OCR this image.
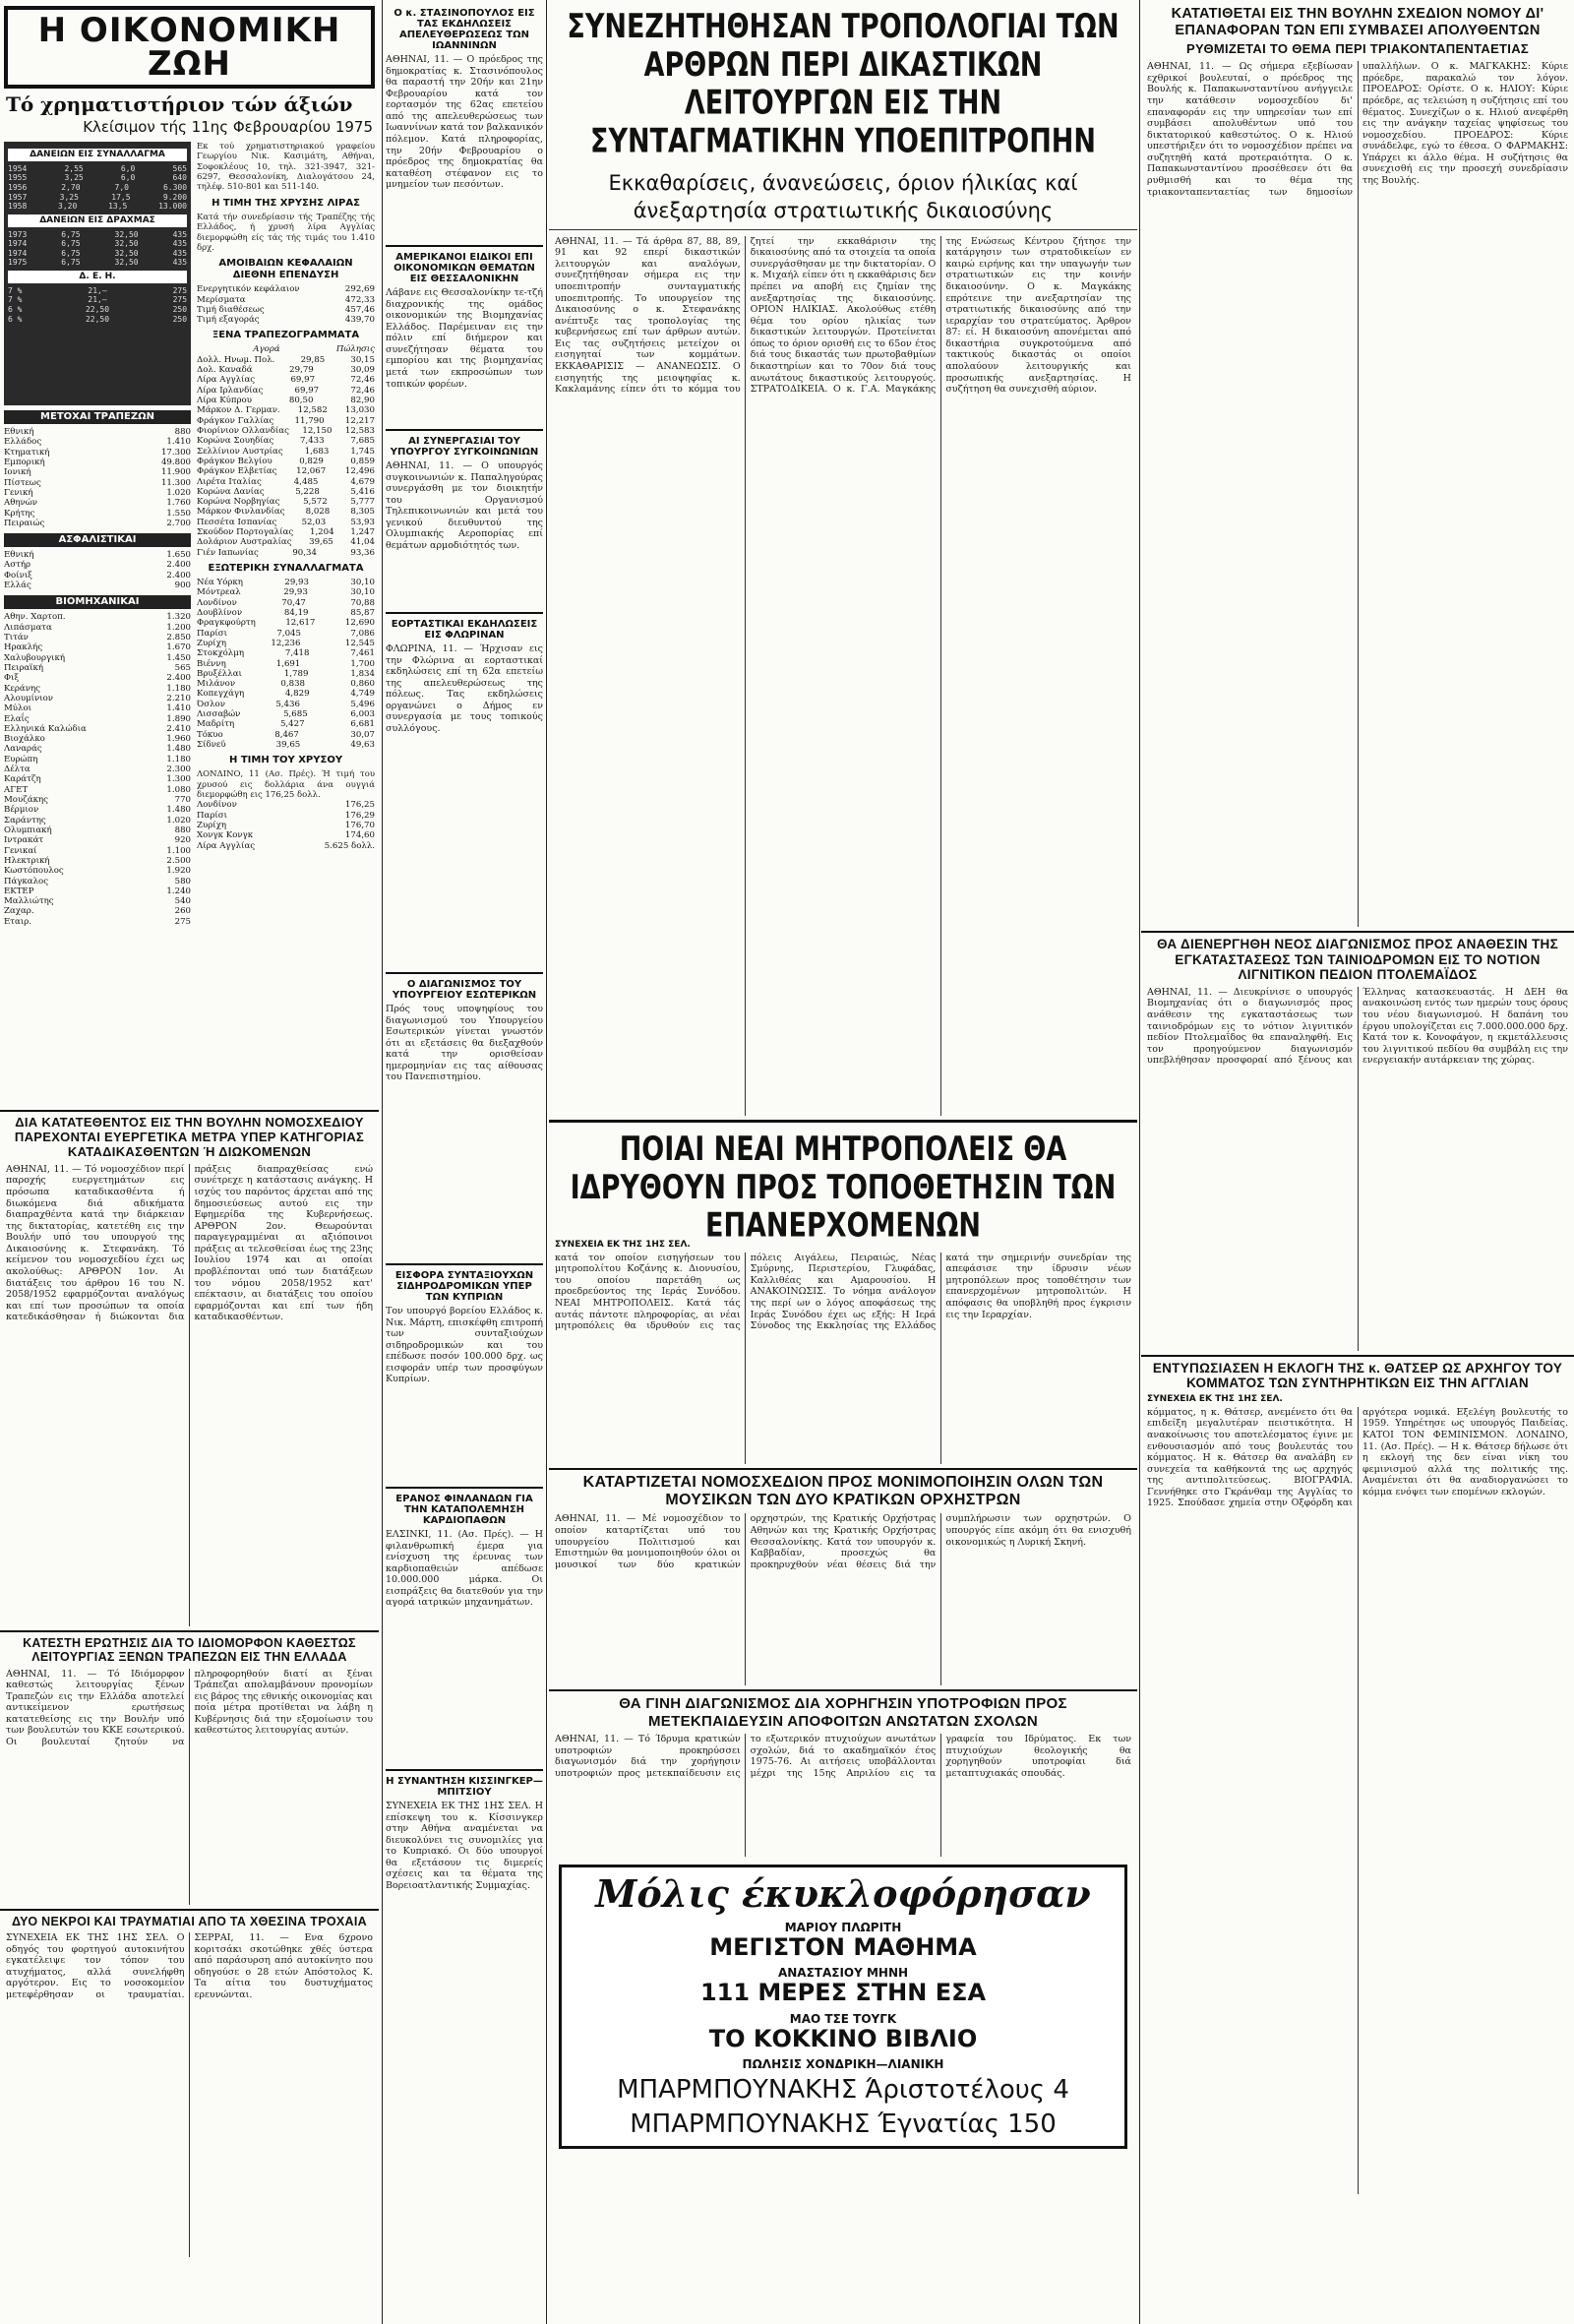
Η ΟΙΚΟΝΟΜΙΚΗ ΖΩΗ
Τό χρηματιστήριον τών άξιών
Κλείσιμον τής 11ης Φεβρουαρίου 1975
ΔΑΝΕΙΩΝ ΕΙΣ ΣΥΝΑΛΛΑΓΜΑ
1954	2,55	6,0	565
1955	3,25	6,0	640
1956	2,70	7,0	6.300
1957	3,25	17,5	9.200
1958	3,20	13,5	13.000
ΔΑΝΕΙΩΝ ΕΙΣ ΔΡΑΧΜΑΣ
1973	6,75	32,50	435
1974	6,75	32,50	435
1974	6,75	32,50	435
1975	6,75	32,50	435
Δ. Ε. Η.
7 %	21,—	275
7 %	21,—	275
6 %	22,50	250
6 %	22,50	250
ΜΕΤΟΧΑΙ ΤΡΑΠΕΖΩΝ
Εθνική	880
Ελλάδος	1.410
Κτηματική	17.300
Εμπορική	49.800
Ιονική	11.900
Πίστεως	11.300
Γενική	1.020
Αθηνών	1.760
Κρήτης	1.550
Πειραιώς	2.700
ΑΣΦΑΛΙΣΤΙΚΑΙ
Εθνική	1.650
Αστήρ	2.400
Φοίνιξ	2.400
Ελλάς	900
ΒΙΟΜΗΧΑΝΙΚΑΙ
Αθην. Χαρτοπ.	1.320
Λιπάσματα	1.200
Τιτάν	2.850
Ηρακλής	1.670
Χαλυβουργική	1.450
Πειραϊκή	565
Φιξ	2.400
Κεράνης	1.180
Αλουμίνιον	2.210
Μύλοι	1.410
Ελαΐς	1.890
Ελληνικά Καλώδια	2.410
Βιοχάλκο	1.960
Λαναράς	1.480
Ευρώπη	1.180
Δέλτα	2.300
Καράτζη	1.300
ΑΓΕΤ	1.080
Μουζάκης	770
Βέρμιον	1.480
Σαράντης	1.020
Ολυμπιακή	880
Ιντρακάτ	920
Γενικαί	1.100
Ηλεκτρική	2.500
Κωστόπουλος	1.920
Πάγκαλος	580
ΕΚΤΕΡ	1.240
Μαλλιώτης	540
Ζαχαρ.	260
Εταιρ.	275
Εκ τού χρηματιστηριακού γραφείου Γεωργίου Νικ. Κασιμάτη, Αθήναι, Σοφοκλέους 10, τηλ. 321-3947, 321-6297, Θεσσαλονίκη, Διαλογάτσου 24, τηλέφ. 510-801 και 511-140.
Η ΤΙΜΗ ΤΗΣ ΧΡΥΣΗΣ ΛΙΡΑΣ
Κατά τήν συνεδρίασιν τής Τραπέζης τής Ελλάδος, ή χρυσή λίρα Αγγλίας διεμορφώθη είς τάς τής τιμάς του 1.410 δρχ.
ΑΜΟΙΒΑΙΩΝ ΚΕΦΑΛΑΙΩΝ ΔΙΕΘΝΗ ΕΠΕΝΔΥΣΗ
Ενεργητικόν κεφάλαιον	292,69
Μερίσματα	472,33
Τιμή διαθέσεως	457,46
Τιμή εξαγοράς	439,70
ΞΕΝΑ ΤΡΑΠΕΖΟΓΡΑΜΜΑΤΑ
Αγορά	Πώλησις
Δολλ. Ηνωμ. Πολ.	29,85	30,15
Δολ. Καναδά	29,79	30,09
Λίρα Αγγλίας	69,97	72,46
Λίρα Ιρλανδίας	69,97	72,46
Λίρα Κύπρου	80,50	82,90
Μάρκον Δ. Γερμαν. 12,582 13,030
Φράγκον Γαλλίας 11,790 12,217
Φιορίνιον Ολλανδίας 12,150 12,583
Κορώνα Σουηδίας	7,433	7,685
Σελλίνιον Αυστρίας	1,683	1,745
Φράγκον Βελγίου	0,829	0,859
Φράγκον Ελβετίας 12,067 12,496
Λιρέτα Ιταλίας	4,485	4,679
Κορώνα Δανίας	5,228	5,416
Κορώνα Νορβηγίας	5,572	5,777
Μάρκον Φινλανδίας 8,028 8,305
Πεσσέτα Ισπανίας	52,03	53,93
Σκούδον Πορτογαλίας 1,204 1,247
Δολάριον Αυστραλίας 39,65 41,04
Γιέν Ιαπωνίας	90,34	93,36
ΕΞΩΤΕΡΙΚΗ ΣΥΝΑΛΛΑΓΜΑΤΑ
Νέα Υόρκη	29,93	30,10
Μόντρεαλ	29,93	30,10
Λονδίνον	70,47	70,88
Δουβλίνον	84,19	85,87
Φραγκφούρτη	12,617	12,690
Παρίσι	7,045	7,086
Ζυρίχη	12,236	12,545
Στοκχόλμη	7,418	7,461
Βιέννη	1,691	1,700
Βρυξέλλαι	1,789	1,834
Μιλάνον	0,838	0,860
Κοπεγχάγη	4,829	4,749
Όσλον	5,436	5,496
Λισσαβών	5,685	6,003
Μαδρίτη	5,427	6,681
Τόκυο	8,467	30,07
Σίδνεϋ	39,65	49,63
Η ΤΙΜΗ ΤΟΥ ΧΡΥΣΟΥ
ΛΟΝΔΙΝΟ, 11 (Ασ. Πρές). Ή τιμή του χρυσού εις δολλάρια άνα ουγγιά διεμορφώθη εις 176,25 δολλ.
Λονδίνον	176,25
Παρίσι	176,29
Ζυρίχη	176,70
Χονγκ Κονγκ	174,60
Λίρα Αγγλίας	5.625 δολλ.
ΔΙΑ ΚΑΤΑΤΕΘΕΝΤΟΣ ΕΙΣ ΤΗΝ ΒΟΥΛΗΝ ΝΟΜΟΣΧΕΔΙΟΥ ΠΑΡΕΧΟΝΤΑΙ ΕΥΕΡΓΕΤΙΚΑ ΜΕΤΡΑ ΥΠΕΡ ΚΑΤΗΓΟΡΙΑΣ ΚΑΤΑΔΙΚΑΣΘΕΝΤΩΝ Ή ΔΙΩΚΟΜΕΝΩΝ
ΑΘΗΝΑΙ, 11. — Τό νομοσχέδιον περί παροχής ευεργετημάτων εις πρόσωπα καταδικασθέντα ή διωκόμενα διά αδικήματα διαπραχθέντα κατά την διάρκειαν της δικτατορίας, κατετέθη εις την Βουλήν υπό του υπουργού της Δικαιοσύνης κ. Στεφανάκη. Τό κείμενον του νομοσχεδίου έχει ως ακολούθως: ΑΡΘΡΟΝ 1ον. Αι διατάξεις του άρθρου 16 του Ν. 2058/1952 εφαρμόζονται αναλόγως και επί των προσώπων τα οποία κατεδικάσθησαν ή διώκονται δια πράξεις διαπραχθείσας ενώ συνέτρεχε η κατάστασις ανάγκης. Η ισχύς του παρόντος άρχεται από της δημοσιεύσεως αυτού εις την Εφημερίδα της Κυβερνήσεως. ΑΡΘΡΟΝ 2ον. Θεωρούνται παραγεγραμμέναι αι αξιόποινοι πράξεις αι τελεσθείσαι έως της 23ης Ιουλίου 1974 και αι οποίαι προβλέπονται υπό των διατάξεων του νόμου 2058/1952 κατ' επέκτασιν, αι διατάξεις του οποίου εφαρμόζονται και επί των ήδη καταδικασθέντων.
ΚΑΤΕΣΤΗ ΕΡΩΤΗΣΙΣ ΔΙΑ ΤΟ ΙΔΙΟΜΟΡΦΟΝ ΚΑΘΕΣΤΩΣ ΛΕΙΤΟΥΡΓΙΑΣ ΞΕΝΩΝ ΤΡΑΠΕΖΩΝ ΕΙΣ ΤΗΝ ΕΛΛΑΔΑ
ΑΘΗΝΑΙ, 11. — Τό Ιδιόμορφον καθεστώς λειτουργίας ξένων Τραπεζών εις την Ελλάδα αποτελεί αντικείμενον ερωτήσεως κατατεθείσης εις την Βουλήν υπό των βουλευτών του ΚΚΕ εσωτερικού. Οι βουλευταί ζητούν να πληροφορηθούν διατί αι ξέναι Τράπεζαι απολαμβάνουν προνομίων εις βάρος της εθνικής οικονομίας και ποία μέτρα προτίθεται να λάβη η Κυβέρνησις διά την εξομοίωσιν του καθεστώτος λειτουργίας αυτών.
ΔΥΟ ΝΕΚΡΟΙ ΚΑΙ ΤΡΑΥΜΑΤΙΑΙ ΑΠΟ ΤΑ ΧΘΕΣΙΝΑ ΤΡΟΧΑΙΑ
ΣΥΝΕΧΕΙΑ ΕΚ ΤΗΣ 1ΗΣ ΣΕΛ. Ο οδηγός του φορτηγού αυτοκινήτου εγκατέλειψε τον τόπον του ατυχήματος, αλλά συνελήφθη αργότερον. Εις το νοσοκομείον μετεφέρθησαν οι τραυματίαι. ΣΕΡΡΑΙ, 11. — Ενα 6χρονο κοριτσάκι σκοτώθηκε χθές ύστερα από παράσυρση από αυτοκίνητο που οδηγούσε ο 28 ετών Απόστολος Κ. Τα αίτια του δυστυχήματος ερευνώνται.
Ο κ. ΣΤΑΣΙΝΟΠΟΥΛΟΣ ΕΙΣ ΤΑΣ ΕΚΔΗΛΩΣΕΙΣ ΑΠΕΛΕΥΘΕΡΩΣΕΩΣ ΤΩΝ ΙΩΑΝΝΙΝΩΝ
ΑΘΗΝΑΙ, 11. — Ο πρόεδρος της δημοκρατίας κ. Στασινόπουλος θα παραστή την 20ήν και 21ην Φεβρουαρίου κατά τον εορτασμόν της 62ας επετείου από της απελευθερώσεως των Ιωαννίνων κατά τον βαλκανικόν πόλεμον. Κατά πληροφορίας, την 20ήν Φεβρουαρίου ο πρόεδρος της δημοκρατίας θα καταθέση στέφανον εις το μνημείον των πεσόντων.
ΑΜΕΡΙΚΑΝΟΙ ΕΙΔΙΚΟΙ ΕΠΙ ΟΙΚΟΝΟΜΙΚΩΝ ΘΕΜΑΤΩΝ ΕΙΣ ΘΕΣΣΑΛΟΝΙΚΗΝ
Λάβανε εις Θεσσαλονίκην τε-τζή διαχρονικής της ομάδος οικονομικών της Βιομηχανίας Ελλάδος. Παρέμειναν εις την πόλιν επί διήμερον και συνεζήτησαν θέματα του εμπορίου και της βιομηχανίας μετά των εκπροσώπων των τοπικών φορέων.
ΑΙ ΣΥΝΕΡΓΑΣΙΑΙ ΤΟΥ ΥΠΟΥΡΓΟΥ ΣΥΓΚΟΙΝΩΝΙΩΝ
ΑΘΗΝΑΙ, 11. — Ο υπουργός συγκοινωνιών κ. Παπαληγούρας συνεργάσθη με τον διοικητήν του Οργανισμού Τηλεπικοινωνιών και μετά του γενικού διευθυντού της Ολυμπιακής Αεροπορίας επί θεμάτων αρμοδιότητός των.
ΕΟΡΤΑΣΤΙΚΑΙ ΕΚΔΗΛΩΣΕΙΣ ΕΙΣ ΦΛΩΡΙΝΑΝ
ΦΛΩΡΙΝΑ, 11. — Ήρχισαν εις την Φλώρινα αι εορταστικαί εκδηλώσεις επί τη 62α επετείω της απελευθερώσεως της πόλεως. Τας εκδηλώσεις οργανώνει ο Δήμος εν συνεργασία με τους τοπικούς συλλόγους.
Ο ΔΙΑΓΩΝΙΣΜΟΣ ΤΟΥ ΥΠΟΥΡΓΕΙΟΥ ΕΣΩΤΕΡΙΚΩΝ
Πρός τους υποψηφίους του διαγωνισμού του Υπουργείου Εσωτερικών γίνεται γνωστόν ότι αι εξετάσεις θα διεξαχθούν κατά την ορισθείσαν ημερομηνίαν εις τας αίθουσας του Πανεπιστημίου.
ΕΙΣΦΟΡΑ ΣΥΝΤΑΞΙΟΥΧΩΝ ΣΙΔΗΡΟΔΡΟΜΙΚΩΝ ΥΠΕΡ ΤΩΝ ΚΥΠΡΙΩΝ
Τον υπουργό βορείου Ελλάδος κ. Νικ. Μάρτη, επισκέφθη επιτροπή των συνταξιούχων σιδηροδρομικών και του επέδωσε ποσόν 100.000 δρχ. ως εισφοράν υπέρ των προσφύγων Κυπρίων.
ΕΡΑΝΟΣ ΦΙΝΛΑΝΔΩΝ ΓΙΑ ΤΗΝ ΚΑΤΑΠΟΛΕΜΗΣΗ ΚΑΡΔΙΟΠΑΘΩΝ
ΕΛΣΙΝΚΙ, 11. (Ασ. Πρές). — Η φιλανθρωπική έμερα για ενίσχυση της έρευνας των καρδιοπαθειών απέδωσε 10.000.000 μάρκα. Οι εισπράξεις θα διατεθούν για την αγορά ιατρικών μηχανημάτων.
Η ΣΥΝΑΝΤΗΣΗ ΚΙΣΣΙΝΓΚΕΡ—ΜΠΙΤΣΙΟΥ
ΣΥΝΕΧΕΙΑ ΕΚ ΤΗΣ 1ΗΣ ΣΕΛ. Η επίσκεψη του κ. Κίσσινγκερ στην Αθήνα αναμένεται να διευκολύνει τις συνομιλίες για το Κυπριακό. Οι δύο υπουργοί θα εξετάσουν τις διμερείς σχέσεις και τα θέματα της Βορειοατλαντικής Συμμαχίας.
ΣΥΝΕΖΗΤΗΘΗΣΑΝ ΤΡΟΠΟΛΟΓΙΑΙ ΤΩΝ ΑΡΘΡΩΝ ΠΕΡΙ ΔΙΚΑΣΤΙΚΩΝ ΛΕΙΤΟΥΡΓΩΝ ΕΙΣ ΤΗΝ ΣΥΝΤΑΓΜΑΤΙΚΗΝ ΥΠΟΕΠΙΤΡΟΠΗΝ
Εκκαθαρίσεις, άνανεώσεις, όριον ήλικίας καί άνεξαρτησία στρατιωτικής δικαιοσύνης
ΑΘΗΝΑΙ, 11. — Τά άρθρα 87, 88, 89, 91 και 92 επερί δικαστικών λειτουργών και αναλόγων, συνεζητήθησαν σήμερα εις την υποεπιτροπήν συνταγματικής υποεπιτροπής. Το υπουργείον της Δικαιοσύνης ο κ. Στεφανάκης ανέπτυξε τας τροπολογίας της κυβερνήσεως επί των άρθρων αυτών. Εις τας συζητήσεις μετείχον οι εισηγηταί των κομμάτων. ΕΚΚΑΘΑΡΙΣΙΣ — ΑΝΑΝΕΩΣΙΣ. Ο εισηγητής της μειοψηφίας κ. Κακλαμάνης είπεν ότι το κόμμα του ζητεί την εκκαθάρισιν της δικαιοσύνης από τα στοιχεία τα οποία συνεργάσθησαν με την δικτατορίαν. Ο κ. Μιχαήλ είπεν ότι η εκκαθάρισις δεν πρέπει να αποβή εις ζημίαν της ανεξαρτησίας της δικαιοσύνης. ΟΡΙΟΝ ΗΛΙΚΙΑΣ. Ακολούθως ετέθη θέμα του ορίου ηλικίας των δικαστικών λειτουργών. Προτείνεται όπως το όριον ορισθή εις το 65ον έτος διά τους δικαστάς των πρωτοβαθμίων δικαστηρίων και το 70ον διά τους ανωτάτους δικαστικούς λειτουργούς. ΣΤΡΑΤΟΔΙΚΕΙΑ. Ο κ. Γ.Α. Μαγκάκης της Ενώσεως Κέντρου ζήτησε την κατάργησιν των στρατοδικείων εν καιρώ ειρήνης και την υπαγωγήν των στρατιωτικών εις την κοινήν δικαιοσύνην. Ο κ. Μαγκάκης επρότεινε την ανεξαρτησίαν της στρατιωτικής δικαιοσύνης από την ιεραρχίαν του στρατεύματος. Άρθρον 87: εί. Η δικαιοσύνη απονέμεται από δικαστήρια συγκροτούμενα από τακτικούς δικαστάς οι οποίοι απολαύουν λειτουργικής και προσωπικής ανεξαρτησίας. Η συζήτηση θα συνεχισθή αύριον.
ΠΟΙΑΙ ΝΕΑΙ ΜΗΤΡΟΠΟΛΕΙΣ ΘΑ ΙΔΡΥΘΟΥΝ ΠΡΟΣ ΤΟΠΟΘΕΤΗΣΙΝ ΤΩΝ ΕΠΑΝΕΡΧΟΜΕΝΩΝ
ΣΥΝΕΧΕΙΑ ΕΚ ΤΗΣ 1ΗΣ ΣΕΛ.
κατά τον οποίον εισηγήσεων του μητροπολίτου Κοζάνης κ. Διονυσίου, του οποίου παρετάθη ως προεδρεύοντος της Ιεράς Συνόδου. ΝΕΑΙ ΜΗΤΡΟΠΟΛΕΙΣ. Κατά τάς αυτάς πάντοτε πληροφορίας, αι νέαι μητροπόλεις θα ιδρυθούν εις τας πόλεις Αιγάλεω, Πειραιώς, Νέας Σμύρνης, Περιστερίου, Γλυφάδας, Καλλιθέας και Αμαρουσίου. Η ΑΝΑΚΟΙΝΩΣΙΣ. Το νόημα ανάλογον της περί ων ο λόγος αποφάσεως της Ιεράς Συνόδου έχει ως εξής: Η Ιερά Σύνοδος της Εκκλησίας της Ελλάδος κατά την σημερινήν συνεδρίαν της απεφάσισε την ίδρυσιν νέων μητροπόλεων προς τοποθέτησιν των επανερχομένων μητροπολιτών. Η απόφασις θα υποβληθή προς έγκρισιν εις την Ιεραρχίαν.
ΚΑΤΑΡΤΙΖΕΤΑΙ ΝΟΜΟΣΧΕΔΙΟΝ ΠΡΟΣ ΜΟΝΙΜΟΠΟΙΗΣΙΝ ΟΛΩΝ ΤΩΝ ΜΟΥΣΙΚΩΝ ΤΩΝ ΔΥΟ ΚΡΑΤΙΚΩΝ ΟΡΧΗΣΤΡΩΝ
ΑΘΗΝΑΙ, 11. — Μέ νομοσχέδιον το οποίον καταρτίζεται υπό του υπουργείου Πολιτισμού και Επιστημών θα μονιμοποιηθούν όλοι οι μουσικοί των δύο κρατικών ορχηστρών, της Κρατικής Ορχήστρας Αθηνών και της Κρατικής Ορχήστρας Θεσσαλονίκης. Κατά τον υπουργόν κ. Καββαδίαν, προσεχώς θα προκηρυχθούν νέαι θέσεις διά την συμπλήρωσιν των ορχηστρών. Ο υπουργός είπε ακόμη ότι θα ενισχυθή οικονομικώς η Λυρική Σκηνή.
ΘΑ ΓΙΝΗ ΔΙΑΓΩΝΙΣΜΟΣ ΔΙΑ ΧΟΡΗΓΗΣΙΝ ΥΠΟΤΡΟΦΙΩΝ ΠΡΟΣ ΜΕΤΕΚΠΑΙΔΕΥΣΙΝ ΑΠΟΦΟΙΤΩΝ ΑΝΩΤΑΤΩΝ ΣΧΟΛΩΝ
ΑΘΗΝΑΙ, 11. — Τό Ίδρυμα κρατικών υποτροφιών προκηρύσσει διαγωνισμόν διά την χορήγησιν υποτροφιών προς μετεκπαίδευσιν εις το εξωτερικόν πτυχιούχων ανωτάτων σχολών, διά το ακαδημαϊκόν έτος 1975-76. Αι αιτήσεις υποβάλλονται μέχρι της 15ης Απριλίου εις τα γραφεία του Ιδρύματος. Εκ των πτυχιούχων θεολογικής θα χορηγηθούν υποτροφίαι διά μεταπτυχιακάς σπουδάς.
Μόλις έκυκλοφόρησαν
ΜΑΡΙΟΥ ΠΛΩΡΙΤΗ
ΜΕΓΙΣΤΟΝ ΜΑΘΗΜΑ
ΑΝΑΣΤΑΣΙΟΥ ΜΗΝΗ
111 ΜΕΡΕΣ ΣΤΗΝ ΕΣΑ
ΜΑΟ ΤΣΕ ΤΟΥΓΚ
ΤΟ ΚΟΚΚΙΝΟ ΒΙΒΛΙΟ
ΠΩΛΗΣΙΣ ΧΟΝΔΡΙΚΗ—ΛΙΑΝΙΚΗ
ΜΠΑΡΜΠΟΥΝΑΚΗΣ Άριστοτέλους 4
ΜΠΑΡΜΠΟΥΝΑΚΗΣ Έγνατίας 150
ΚΑΤΑΤΙΘΕΤΑΙ ΕΙΣ ΤΗΝ ΒΟΥΛΗΝ ΣΧΕΔΙΟΝ ΝΟΜΟΥ ΔΙ' ΕΠΑΝΑΦΟΡΑΝ ΤΩΝ ΕΠΙ ΣΥΜΒΑΣΕΙ ΑΠΟΛΥΘΕΝΤΩΝ
ΡΥΘΜΙΖΕΤΑΙ ΤΟ ΘΕΜΑ ΠΕΡΙ ΤΡΙΑΚΟΝΤΑΠΕΝΤΑΕΤΙΑΣ
ΑΘΗΝΑΙ, 11. — Ως σήμερα εξεβίωσαν εχθρικοί βουλευταί, ο πρόεδρος της Βουλής κ. Παπακωνσταντίνου ανήγγειλε την κατάθεσιν νομοσχεδίου δι' επαναφοράν εις την υπηρεσίαν των επί συμβάσει απολυθέντων υπό του δικτατορικού καθεστώτος. Ο κ. Ηλιού υπεστήριξεν ότι το νομοσχέδιον πρέπει να συζητηθή κατά προτεραιότητα. Ο κ. Παπακωνσταντίνου προσέθεσεν ότι θα ρυθμισθή και το θέμα της τριακονταπενταετίας των δημοσίων υπαλλήλων. Ο κ. ΜΑΓΚΑΚΗΣ: Κύριε πρόεδρε, παρακαλώ τον λόγον. ΠΡΟΕΔΡΟΣ: Ορίστε. Ο κ. ΗΛΙΟΥ: Κύριε πρόεδρε, ας τελειώση η συζήτησις επί του θέματος. Συνεχίζων ο κ. Ηλιού ανεφέρθη εις την ανάγκην ταχείας ψηφίσεως του νομοσχεδίου. ΠΡΟΕΔΡΟΣ: Κύριε συνάδελφε, εγώ το έθεσα. Ο ΦΑΡΜΑΚΗΣ: Υπάρχει κι άλλο θέμα. Η συζήτησις θα συνεχισθή εις την προσεχή συνεδρίασιν της Βουλής.
ΘΑ ΔΙΕΝΕΡΓΗΘΗ ΝΕΟΣ ΔΙΑΓΩΝΙΣΜΟΣ ΠΡΟΣ ΑΝΑΘΕΣΙΝ ΤΗΣ ΕΓΚΑΤΑΣΤΑΣΕΩΣ ΤΩΝ ΤΑΙΝΙΟΔΡΟΜΩΝ ΕΙΣ ΤΟ ΝΟΤΙΟΝ ΛΙΓΝΙΤΙΚΟΝ ΠΕΔΙΟΝ ΠΤΟΛΕΜΑΪΔΟΣ
ΑΘΗΝΑΙ, 11. — Διευκρίνισε ο υπουργός Βιομηχανίας ότι ο διαγωνισμός προς ανάθεσιν της εγκαταστάσεως των ταινιοδρόμων εις το νότιον λιγνιτικόν πεδίον Πτολεμαΐδος θα επαναληφθή. Εις τον προηγούμενον διαγωνισμόν υπεβλήθησαν προσφοραί από ξένους και Έλληνας κατασκευαστάς. Η ΔΕΗ θα ανακοινώση εντός των ημερών τους όρους του νέου διαγωνισμού. Η δαπάνη του έργου υπολογίζεται εις 7.000.000.000 δρχ. Κατά τον κ. Κονοφάγον, η εκμετάλλευσις του λιγνιτικού πεδίου θα συμβάλη εις την ενεργειακήν αυτάρκειαν της χώρας.
ΕΝΤΥΠΩΣΙΑΣΕΝ Η ΕΚΛΟΓΗ ΤΗΣ κ. ΘΑΤΣΕΡ ΩΣ ΑΡΧΗΓΟΥ ΤΟΥ ΚΟΜΜΑΤΟΣ ΤΩΝ ΣΥΝΤΗΡΗΤΙΚΩΝ ΕΙΣ ΤΗΝ ΑΓΓΛΙΑΝ
ΣΥΝΕΧΕΙΑ ΕΚ ΤΗΣ 1ΗΣ ΣΕΛ.
κόμματος, η κ. Θάτσερ, ανεμένετο ότι θα επιδείξη μεγαλυτέραν πειστικότητα. Η ανακοίνωσις του αποτελέσματος έγινε με ενθουσιασμόν από τους βουλευτάς του κόμματος. Η κ. Θάτσερ θα αναλάβη εν συνεχεία τα καθήκοντά της ως αρχηγός της αντιπολιτεύσεως. ΒΙΟΓΡΑΦΙΑ. Γεννήθηκε στο Γκράνθαμ της Αγγλίας το 1925. Σπούδασε χημεία στην Οξφόρδη και αργότερα νομικά. Εξελέγη βουλευτής το 1959. Υπηρέτησε ως υπουργός Παιδείας. ΚΑΤΟΙ ΤΟΝ ΦΕΜΙΝΙΣΜΟΝ. ΛΟΝΔΙΝΟ, 11. (Ασ. Πρές). — Η κ. Θάτσερ δήλωσε ότι η εκλογή της δεν είναι νίκη του φεμινισμού αλλά της πολιτικής της. Αναμένεται ότι θα αναδιοργανώσει το κόμμα ενόψει των επομένων εκλογών.
